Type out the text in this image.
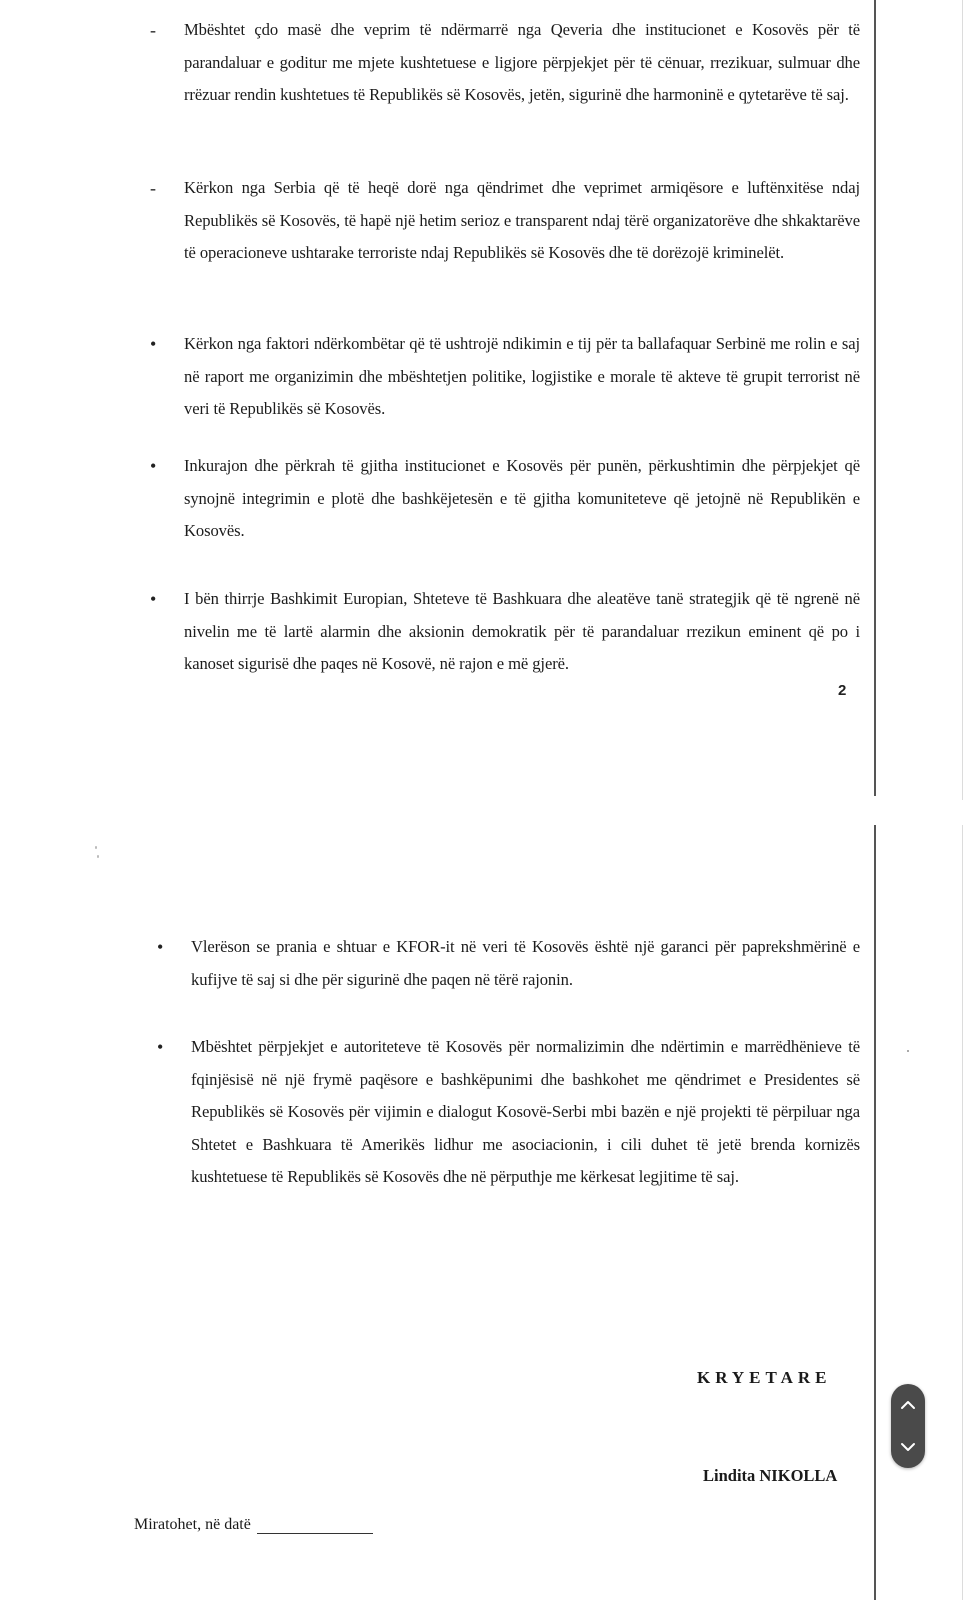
-	Mbështet çdo masë dhe veprim të ndërmarrë nga Qeveria dhe institucionet e Kosovës për të parandaluar e goditur me mjete kushtetuese e ligjore përpjekjet për të cënuar, rrezikuar, sulmuar dhe rrëzuar rendin kushtetues të Republikës së Kosovës, jetën, sigurinë dhe harmoninë e qytetarëve të saj.
-	Kërkon nga Serbia që të heqë dorë nga qëndrimet dhe veprimet armiqësore e luftënxitëse ndaj Republikës së Kosovës, të hapë një hetim serioz e transparent ndaj tërë organizatorëve dhe shkaktarëve të operacioneve ushtarake terroriste ndaj Republikës së Kosovës dhe të dorëzojë kriminelët.
•	Kërkon nga faktori ndërkombëtar që të ushtrojë ndikimin e tij për ta ballafaquar Serbinë me rolin e saj në raport me organizimin dhe mbështetjen politike, logjistike e morale të akteve të grupit terrorist në veri të Republikës së Kosovës.
•	Inkurajon dhe përkrah të gjitha institucionet e Kosovës për punën, përkushtimin dhe përpjekjet që synojnë integrimin e plotë dhe bashkëjetesën e të gjitha komuniteteve që jetojnë në Republikën e Kosovës.
•	I bën thirrje Bashkimit Europian, Shteteve të Bashkuara dhe aleatëve tanë strategjik që të ngrenë në nivelin me të lartë alarmin dhe aksionin demokratik për të parandaluar rrezikun eminent që po i kanoset sigurisë dhe paqes në Kosovë, në rajon e më gjerë.
2
•	Vlerëson se prania e shtuar e KFOR-it në veri të Kosovës është një garanci për paprekshmërinë e kufijve të saj si dhe për sigurinë dhe paqen në tërë rajonin.
•	Mbështet përpjekjet e autoriteteve të Kosovës për normalizimin dhe ndërtimin e marrëdhënieve të fqinjësisë në një frymë paqësore e bashkëpunimi dhe bashkohet me qëndrimet e Presidentes së Republikës së Kosovës për vijimin e dialogut Kosovë-Serbi mbi bazën e një projekti të përpiluar nga Shtetet e Bashkuara të Amerikës lidhur me asociacionin, i cili duhet të jetë brenda kornizës kushtetuese të Republikës së Kosovës dhe në përputhje me kërkesat legjitime të saj.
KRYETARE
Lindita NIKOLLA
Miratohet, në datë
